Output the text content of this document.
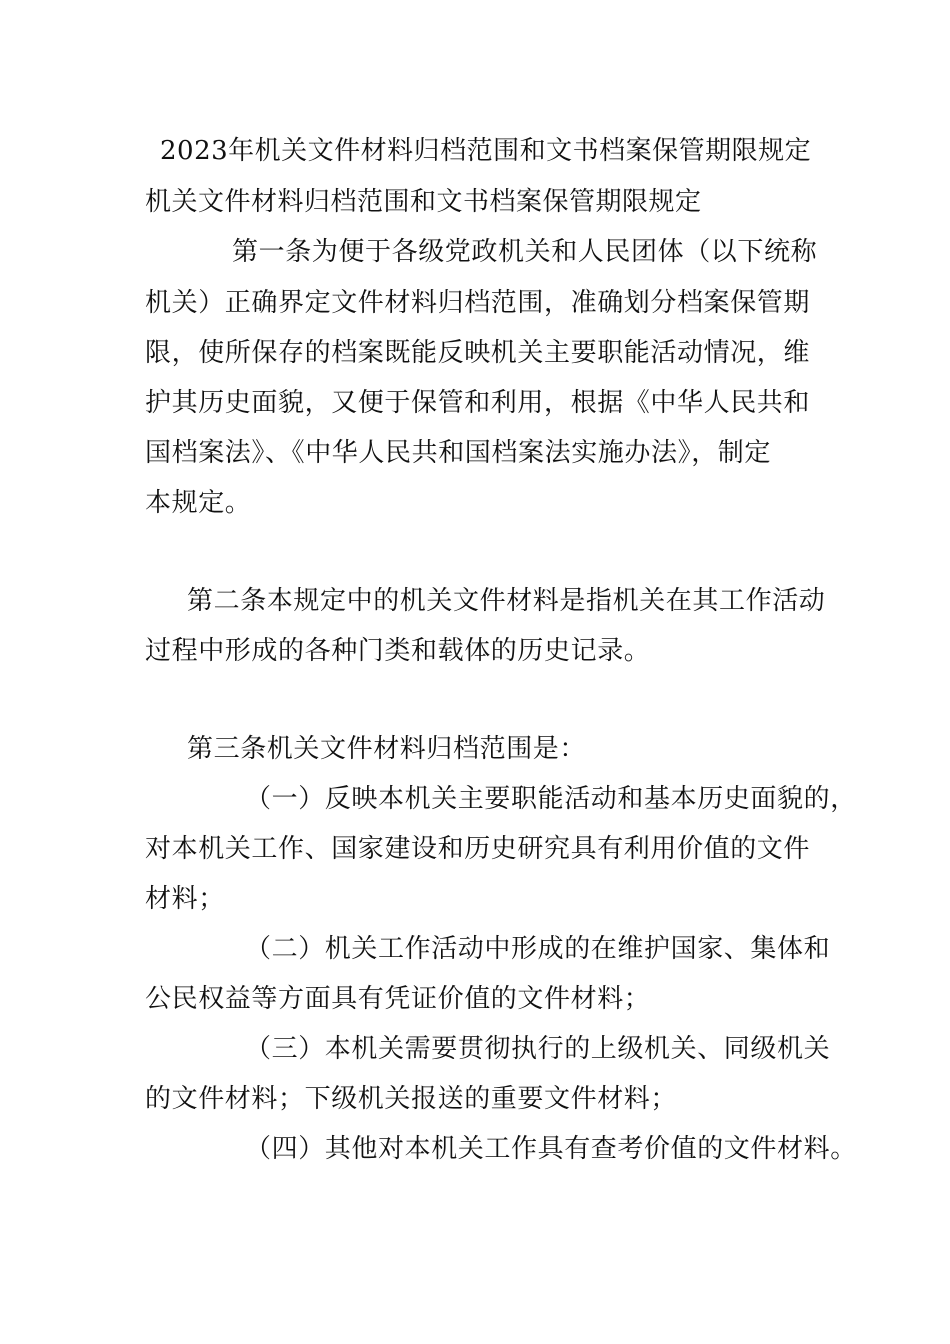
2023年机关文件材料归档范围和文书档案保管期限规定
机关文件材料归档范围和文书档案保管期限规定
第一条为便于各级党政机关和人民团体（以下统称
机关）正确界定文件材料归档范围，准确划分档案保管期
限，使所保存的档案既能反映机关主要职能活动情况，维
护其历史面貌，又便于保管和利用，根据《中华人民共和
国档案法》、《中华人民共和国档案法实施办法》，制定
本规定。
第二条本规定中的机关文件材料是指机关在其工作活动
过程中形成的各种门类和载体的历史记录。
第三条机关文件材料归档范围是：
（一）反映本机关主要职能活动和基本历史面貌的，
对本机关工作、国家建设和历史研究具有利用价值的文件
材料；
（二）机关工作活动中形成的在维护国家、集体和
公民权益等方面具有凭证价值的文件材料；
（三）本机关需要贯彻执行的上级机关、同级机关
的文件材料；下级机关报送的重要文件材料；
（四）其他对本机关工作具有查考价值的文件材料。
